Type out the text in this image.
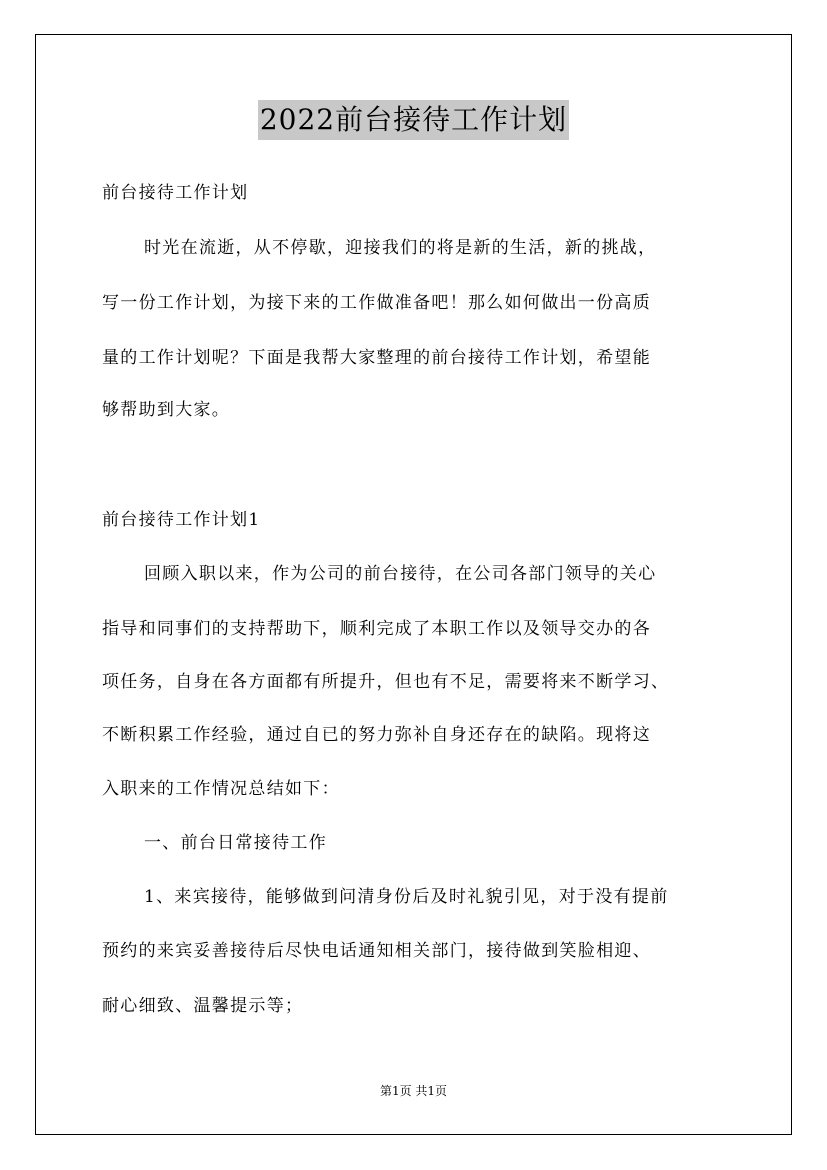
2022前台接待工作计划
前台接待工作计划
时光在流逝，从不停歇，迎接我们的将是新的生活，新的挑战，
写一份工作计划，为接下来的工作做准备吧！那么如何做出一份高质
量的工作计划呢？下面是我帮大家整理的前台接待工作计划，希望能
够帮助到大家。
前台接待工作计划1
回顾入职以来，作为公司的前台接待，在公司各部门领导的关心
指导和同事们的支持帮助下，顺利完成了本职工作以及领导交办的各
项任务，自身在各方面都有所提升，但也有不足，需要将来不断学习、
不断积累工作经验，通过自已的努力弥补自身还存在的缺陷。现将这
入职来的工作情况总结如下：
一、前台日常接待工作
1、来宾接待，能够做到问清身份后及时礼貌引见，对于没有提前
预约的来宾妥善接待后尽快电话通知相关部门，接待做到笑脸相迎、
耐心细致、温馨提示等；
第1页 共1页
